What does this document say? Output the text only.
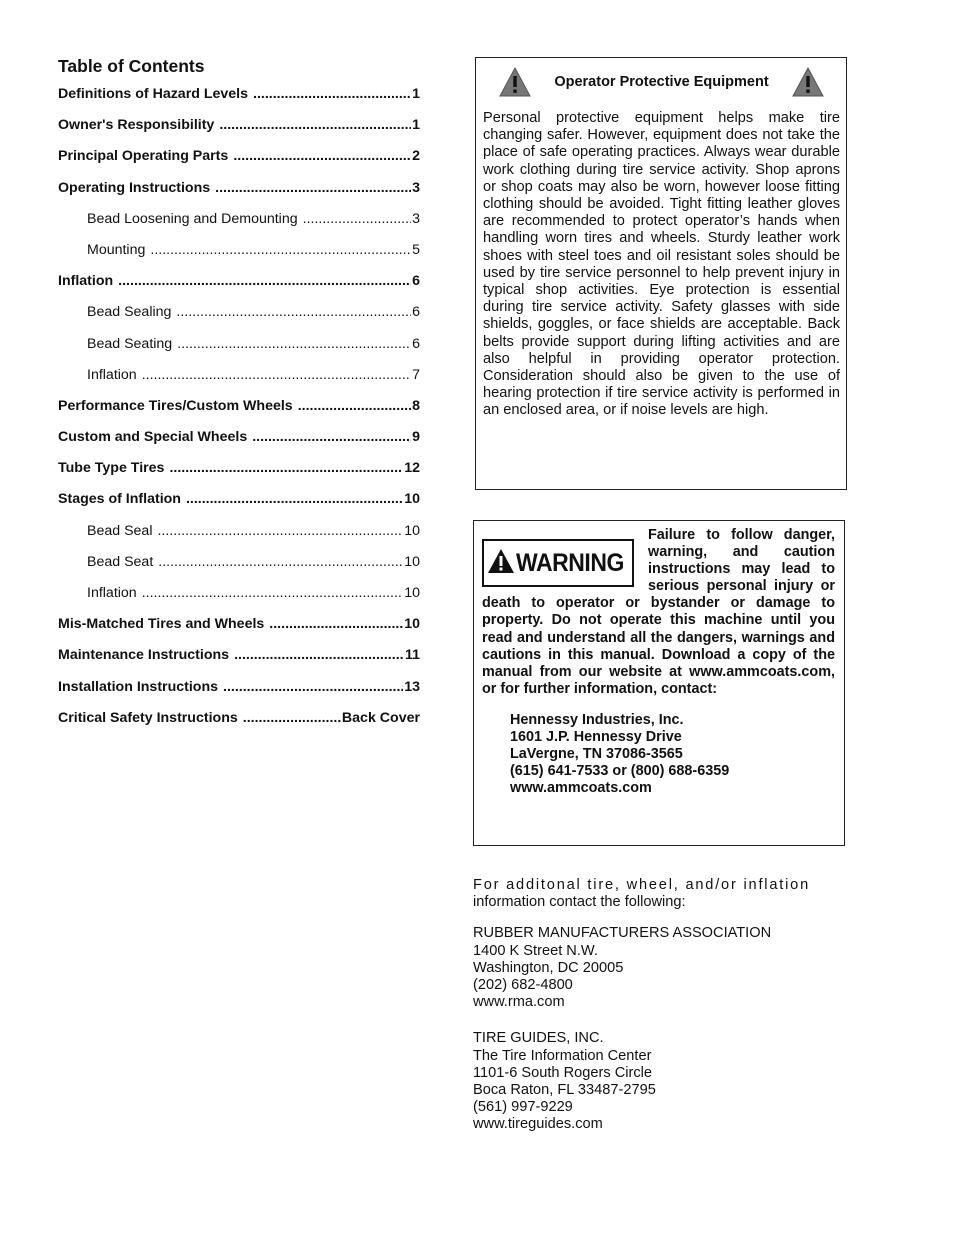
Table of Contents
Definitions of Hazard Levels .....	1
Owner's Responsibility .....	1
Principal Operating Parts .....	2
Operating Instructions .....	3
Bead Loosening and Demounting .....	3
Mounting .....	5
Inflation .....	6
Bead Sealing .....	6
Bead Seating .....	6
Inflation .....	7
Performance Tires/Custom Wheels .....	8
Custom and Special Wheels .....	9
Tube Type Tires .....	12
Stages of Inflation .....	10
Bead Seal .....	10
Bead Seat .....	10
Inflation .....	10
Mis-Matched Tires and Wheels .....	10
Maintenance Instructions .....	11
Installation Instructions .....	13
Critical Safety Instructions .....	Back Cover
Operator Protective Equipment

Personal protective equipment helps make tire changing safer. However, equipment does not take the place of safe operating practices. Always wear durable work clothing during tire service activity. Shop aprons or shop coats may also be worn, however loose fitting clothing should be avoided. Tight fitting leather gloves are recommended to protect operator’s hands when handling worn tires and wheels. Sturdy leather work shoes with steel toes and oil resistant soles should be used by tire service personnel to help prevent injury in typical shop activities. Eye protection is essential during tire service activity. Safety glasses with side shields, goggles, or face shields are acceptable. Back belts provide support during lifting activities and are also helpful in providing operator protection. Consideration should also be given to the use of hearing protection if tire service activity is performed in an enclosed area, or if noise levels are high.

WARNING

Failure to follow danger, warning, and caution instructions may lead to serious personal injury or death to operator or bystander or damage to property. Do not operate this machine until you read and understand all the dangers, warnings and cautions in this manual. Download a copy of the manual from our website at www.ammcoats.com, or for further information, contact:

Hennessy Industries, Inc.
1601 J.P. Hennessy Drive
LaVergne, TN 37086-3565
(615) 641-7533 or (800) 688-6359
www.ammcoats.com

For additonal tire, wheel, and/or inflation
information contact the following:

RUBBER MANUFACTURERS ASSOCIATION
1400 K Street N.W.
Washington, DC 20005
(202) 682-4800
www.rma.com
TIRE GUIDES, INC.
The Tire Information Center
1101-6 South Rogers Circle
Boca Raton, FL 33487-2795
(561) 997-9229
www.tireguides.com
